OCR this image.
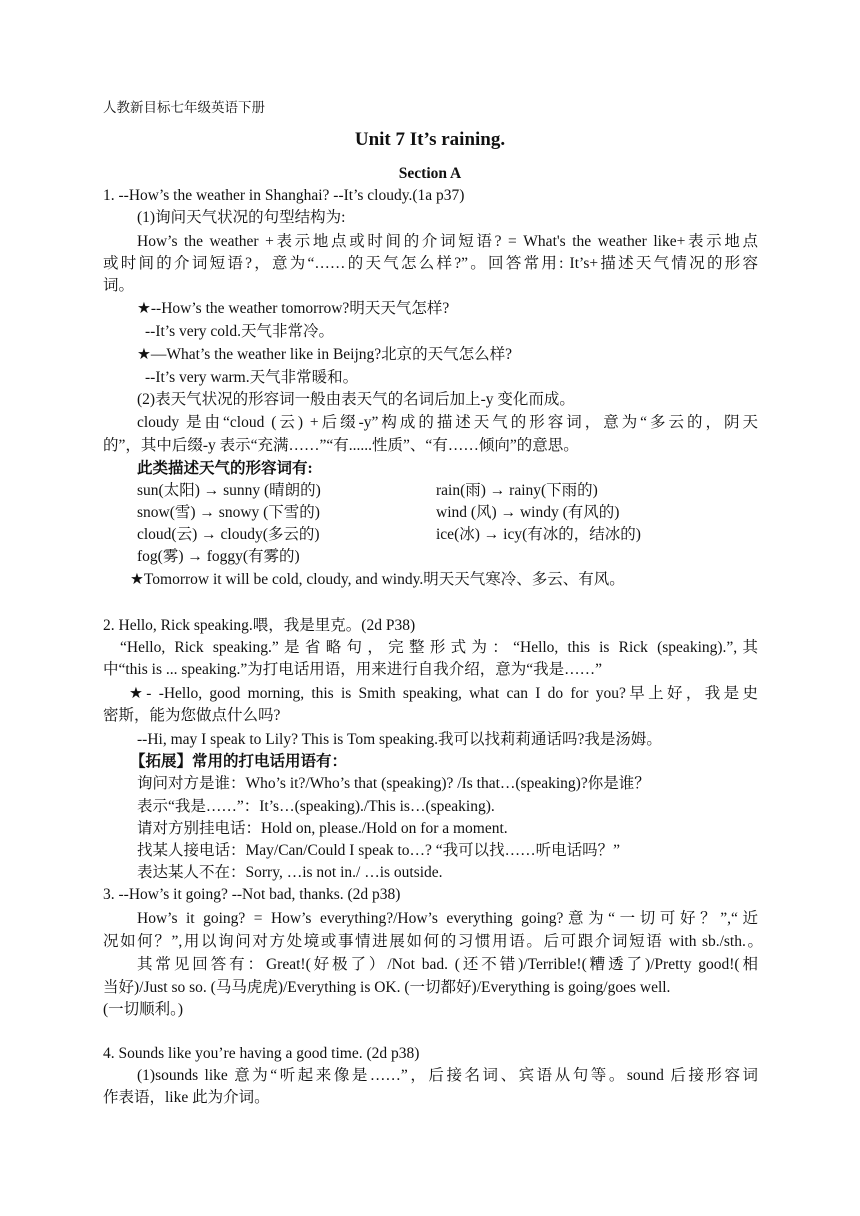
人教新目标七年级英语下册
Unit 7 It’s raining.
Section A
1. --How’s the weather in Shanghai? --It’s cloudy.(1a p37)
(1)询问天气状况的句型结构为:
How’s the weather +表示地点或时间的介词短语? = What's the weather like+表示地点
或时间的介词短语?，意为“……的天气怎么样?”。回答常用: It’s+描述天气情况的形容
词。
★--How’s the weather tomorrow?明天天气怎样?
--It’s very cold.天气非常冷。
★—What’s the weather like in Beijng?北京的天气怎么样?
--It’s very warm.天气非常暖和。
(2)表天气状况的形容词一般由表天气的名词后加上-y 变化而成。
cloudy 是由“cloud (云) +后缀-y”构成的描述天气的形容词，意为“多云的，阴天
的”，其中后缀-y 表示“充满……”“有......性质”、“有……倾向”的意思。
此类描述天气的形容词有:
sun(太阳) → sunny (晴朗的)	rain(雨) → rainy(下雨的)
snow(雪) → snowy (下雪的)	wind (风) → windy (有风的)
cloud(云) → cloudy(多云的)	ice(冰) → icy(有冰的，结冰的)
fog(雾) → foggy(有雾的)
★Tomorrow it will be cold, cloudy, and windy.明天天气寒冷、多云、有风。
2. Hello, Rick speaking.喂，我是里克。(2d P38)
“Hello, Rick speaking.”是省略句，完整形式为：“Hello, this is Rick (speaking).”,其
中“this is ... speaking.”为打电话用语，用来进行自我介绍，意为“我是……”
★- -Hello, good morning, this is Smith speaking, what can I do for you?早上好，我是史
密斯，能为您做点什么吗?
--Hi, may I speak to Lily? This is Tom speaking.我可以找莉莉通话吗?我是汤姆。
【拓展】常用的打电话用语有：
询问对方是谁：Who’s it?/Who’s that (speaking)? /Is that…(speaking)?你是谁？
表示“我是……”：It’s…(speaking)./This is…(speaking).
请对方别挂电话：Hold on, please./Hold on for a moment.
找某人接电话：May/Can/Could I speak to…? “我可以找……听电话吗？”
表达某人不在：Sorry, …is not in./ …is outside.
3. --How’s it going? --Not bad, thanks. (2d p38)
How’s it going? = How’s everything?/How’s everything going?意为“一切可好？”,“近
况如何？”,用以询问对方处境或事情进展如何的习惯用语。后可跟介词短语 with sb./sth.。
其常见回答有：Great!(好极了）/Not bad. (还不错)/Terrible!(糟透了)/Pretty good!(相
当好)/Just so so. (马马虎虎)/Everything is OK. (一切都好)/Everything is going/goes well.
(一切顺利。)
4. Sounds like you’re having a good time. (2d p38)
(1)sounds like 意为“听起来像是……”，后接名词、宾语从句等。sound 后接形容词
作表语，like 此为介词。
